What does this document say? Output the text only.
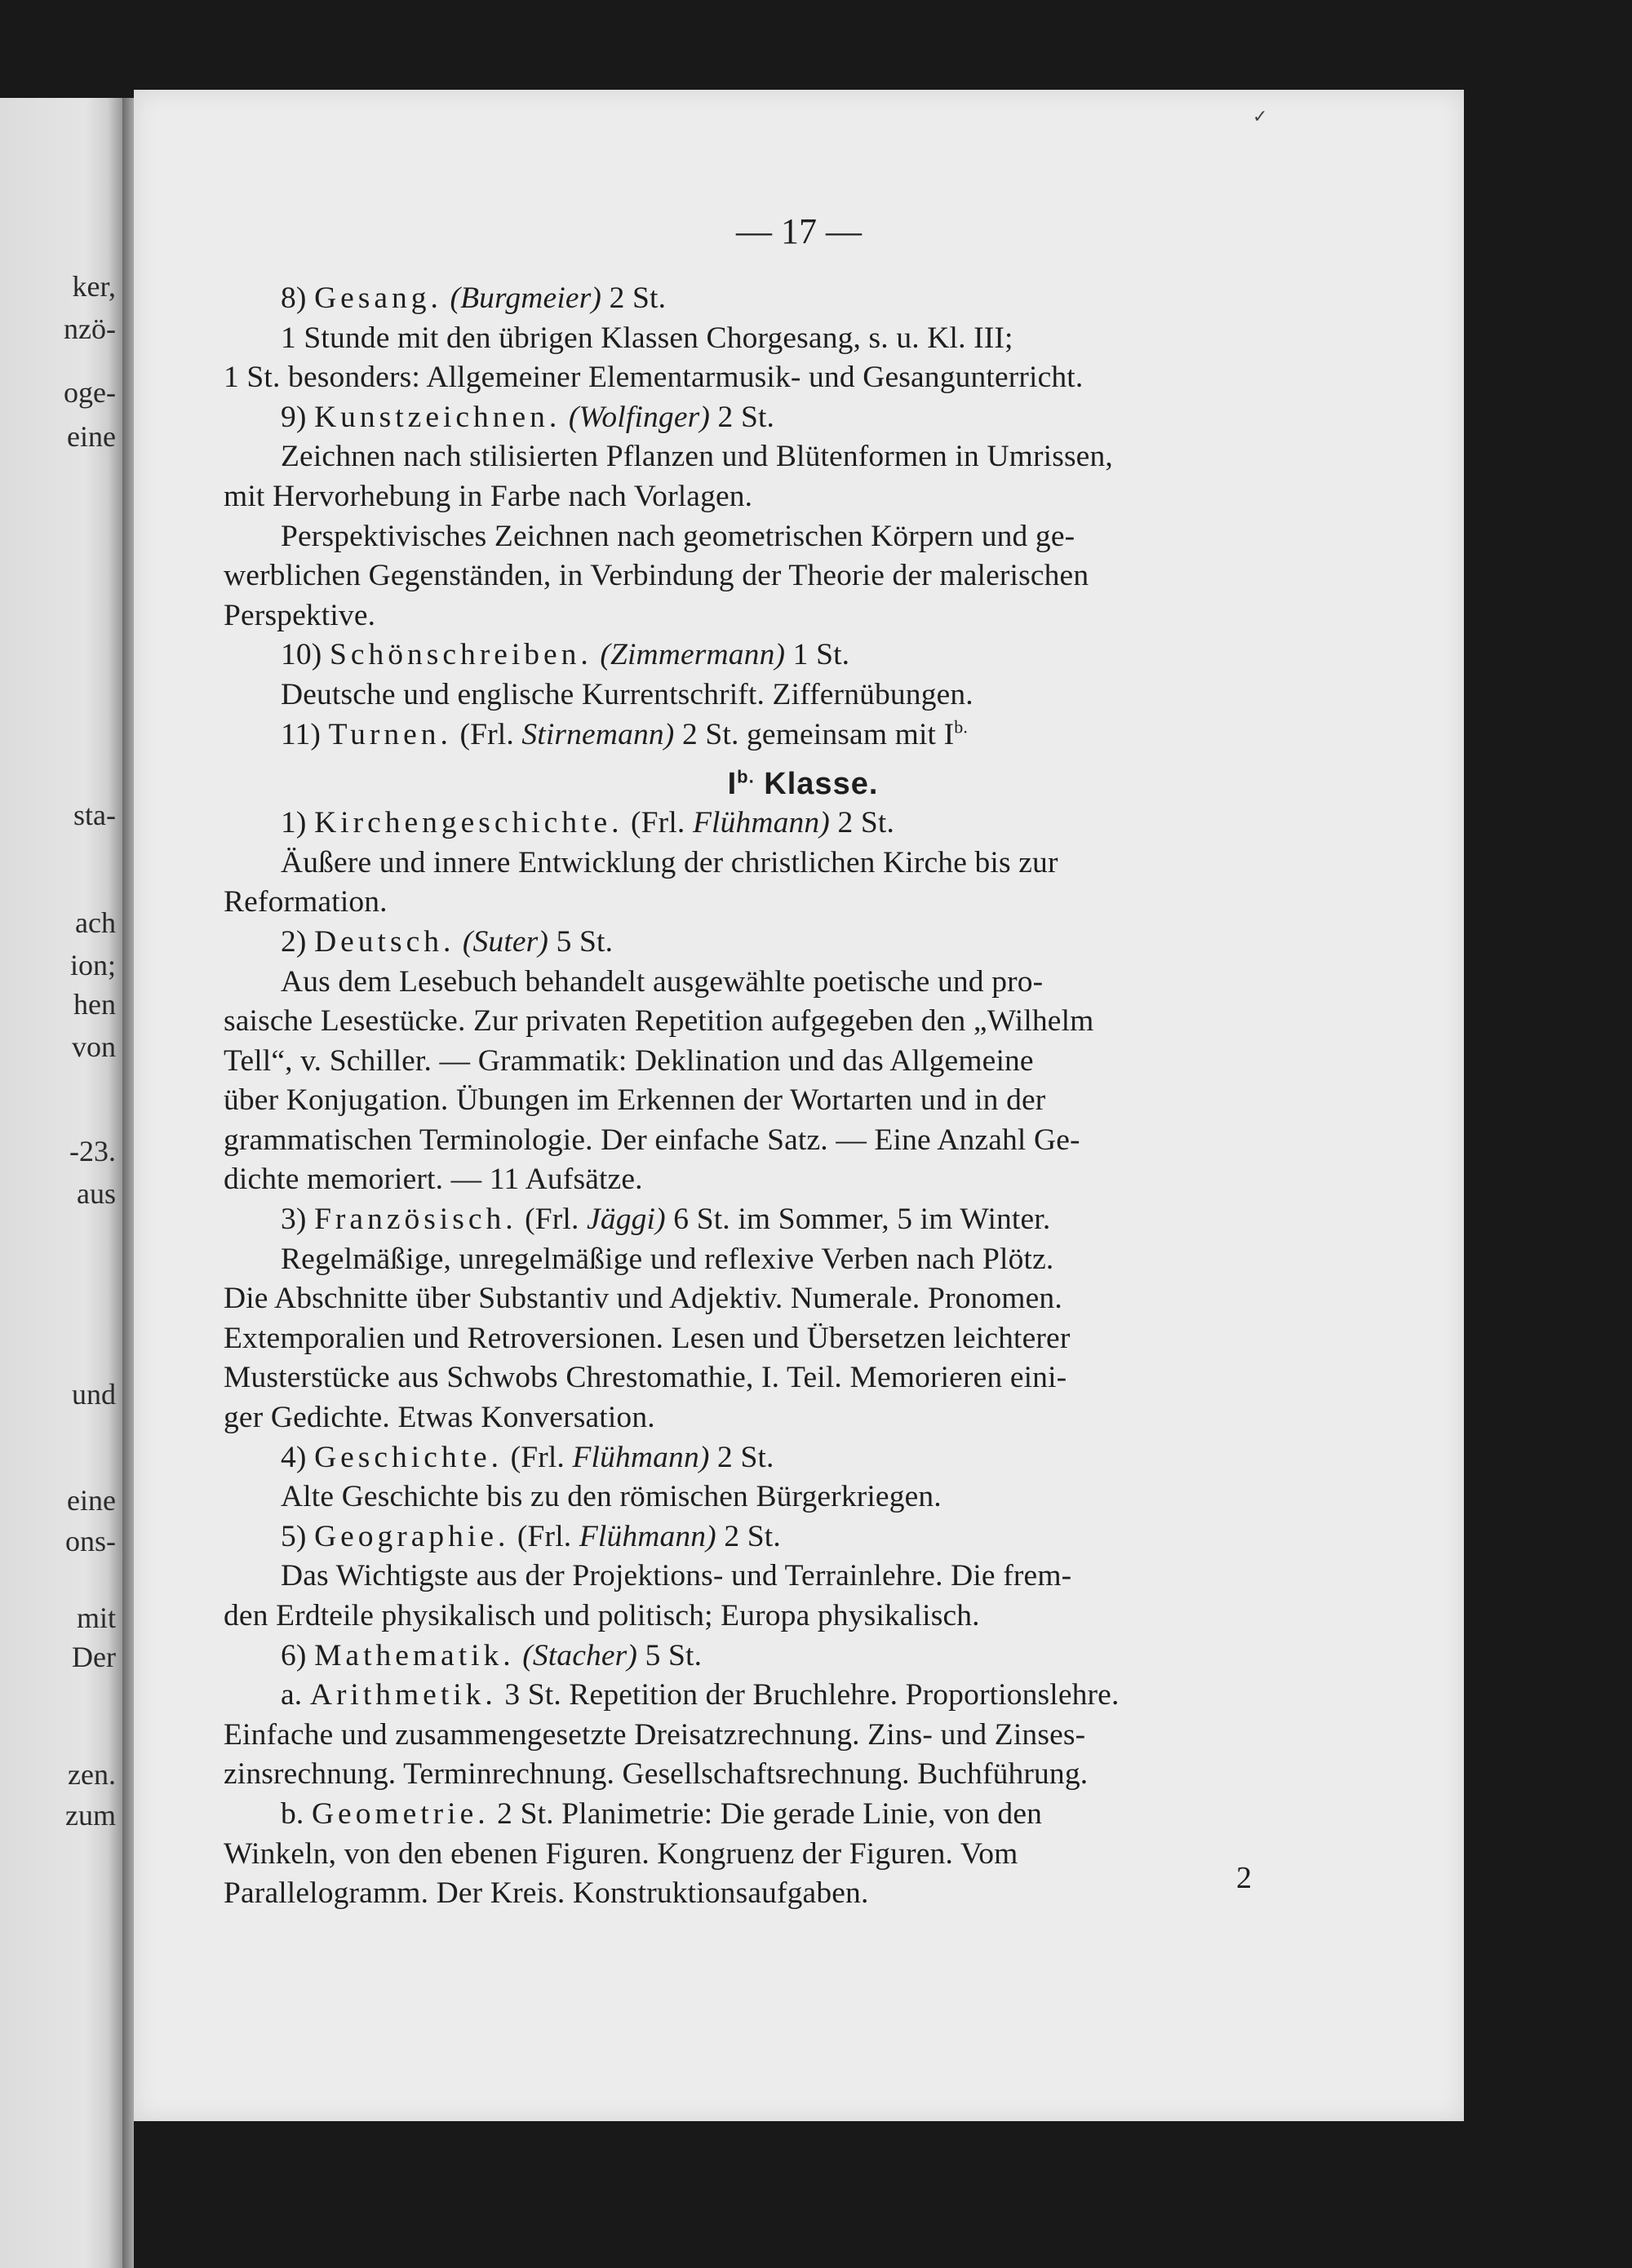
ker,
nzö-
oge-
eine
sta-
ach
ion;
hen
von
-23.
aus
und
eine
ons-
mit
Der
zen.
zum
✓
— 17 —
8) Gesang. (Burgmeier) 2 St.
1 Stunde mit den übrigen Klassen Chorgesang, s. u. Kl. III;
1 St. besonders: Allgemeiner Elementarmusik- und Gesangunterricht.
9) Kunstzeichnen. (Wolfinger) 2 St.
Zeichnen nach stilisierten Pflanzen und Blütenformen in Umrissen,
mit Hervorhebung in Farbe nach Vorlagen.
Perspektivisches Zeichnen nach geometrischen Körpern und ge-
werblichen Gegenständen, in Verbindung der Theorie der malerischen
Perspektive.
10) Schönschreiben. (Zimmermann) 1 St.
Deutsche und englische Kurrentschrift. Ziffernübungen.
11) Turnen. (Frl. Stirnemann) 2 St. gemeinsam mit $I^{b.}$
$I^{b.}$ Klasse.
1) Kirchengeschichte. (Frl. Flühmann) 2 St.
Äußere und innere Entwicklung der christlichen Kirche bis zur
Reformation.
2) Deutsch. (Suter) 5 St.
Aus dem Lesebuch behandelt ausgewählte poetische und pro-
saische Lesestücke. Zur privaten Repetition aufgegeben den „Wilhelm
Tell“, v. Schiller. — Grammatik: Deklination und das Allgemeine
über Konjugation. Übungen im Erkennen der Wortarten und in der
grammatischen Terminologie. Der einfache Satz. — Eine Anzahl Ge-
dichte memoriert. — 11 Aufsätze.
3) Französisch. (Frl. Jäggi) 6 St. im Sommer, 5 im Winter.
Regelmäßige, unregelmäßige und reflexive Verben nach Plötz.
Die Abschnitte über Substantiv und Adjektiv. Numerale. Pronomen.
Extemporalien und Retroversionen. Lesen und Übersetzen leichterer
Musterstücke aus Schwobs Chrestomathie, I. Teil. Memorieren eini-
ger Gedichte. Etwas Konversation.
4) Geschichte. (Frl. Flühmann) 2 St.
Alte Geschichte bis zu den römischen Bürgerkriegen.
5) Geographie. (Frl. Flühmann) 2 St.
Das Wichtigste aus der Projektions- und Terrainlehre. Die frem-
den Erdteile physikalisch und politisch; Europa physikalisch.
6) Mathematik. (Stacher) 5 St.
a. Arithmetik. 3 St. Repetition der Bruchlehre. Proportionslehre.
Einfache und zusammengesetzte Dreisatzrechnung. Zins- und Zinses-
zinsrechnung. Terminrechnung. Gesellschaftsrechnung. Buchführung.
b. Geometrie. 2 St. Planimetrie: Die gerade Linie, von den
Winkeln, von den ebenen Figuren. Kongruenz der Figuren. Vom
Parallelogramm. Der Kreis. Konstruktionsaufgaben.	2
